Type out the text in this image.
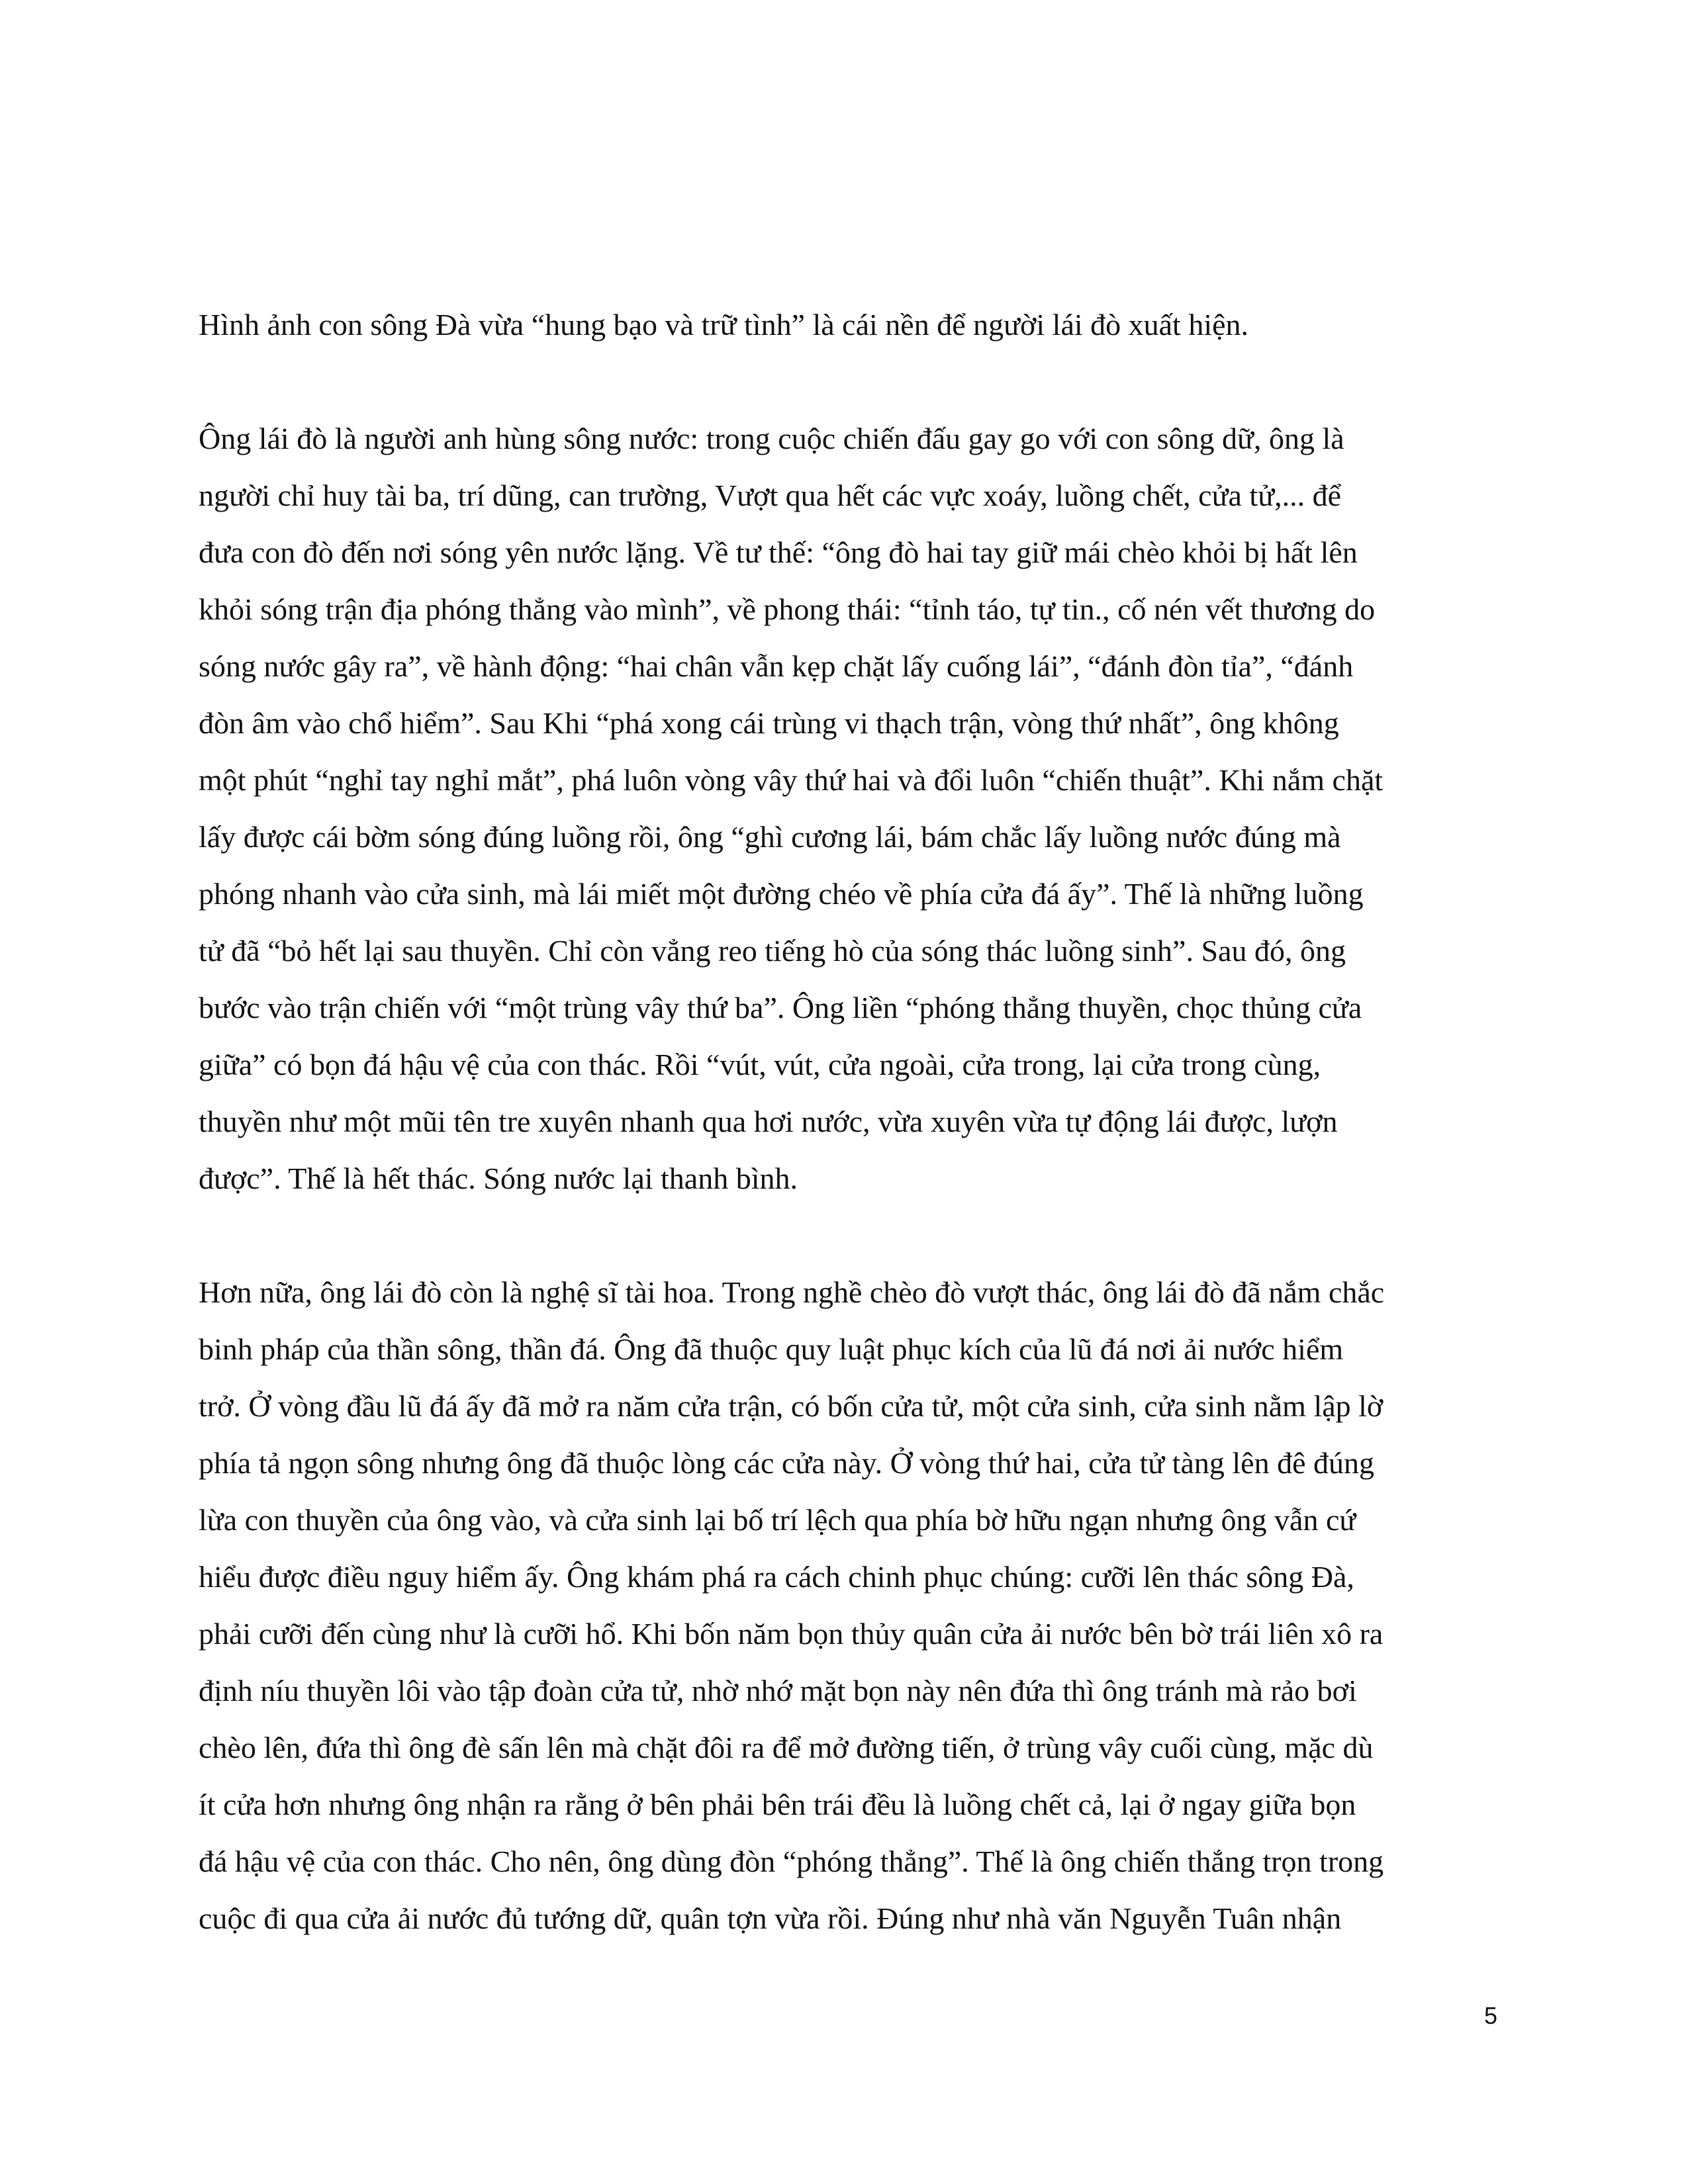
Hình ảnh con sông Đà vừa “hung bạo và trữ tình” là cái nền để người lái đò xuất hiện.
Ông lái đò là người anh hùng sông nước: trong cuộc chiến đấu gay go với con sông dữ, ông là
người chỉ huy tài ba, trí dũng, can trường, Vượt qua hết các vực xoáy, luồng chết, cửa tử,... để
đưa con đò đến nơi sóng yên nước lặng. Về tư thế: “ông đò hai tay giữ mái chèo khỏi bị hất lên
khỏi sóng trận địa phóng thẳng vào mình”, về phong thái: “tỉnh táo, tự tin., cố nén vết thương do
sóng nước gây ra”, về hành động: “hai chân vẫn kẹp chặt lấy cuống lái”, “đánh đòn tỉa”, “đánh
đòn âm vào chổ hiểm”. Sau Khi “phá xong cái trùng vi thạch trận, vòng thứ nhất”, ông không
một phút “nghỉ tay nghỉ mắt”, phá luôn vòng vây thứ hai và đổi luôn “chiến thuật”. Khi nắm chặt
lấy được cái bờm sóng đúng luồng rồi, ông “ghì cương lái, bám chắc lấy luồng nước đúng mà
phóng nhanh vào cửa sinh, mà lái miết một đường chéo về phía cửa đá ấy”. Thế là những luồng
tử đã “bỏ hết lại sau thuyền. Chỉ còn vẳng reo tiếng hò của sóng thác luồng sinh”. Sau đó, ông
bước vào trận chiến với “một trùng vây thứ ba”. Ông liền “phóng thẳng thuyền, chọc thủng cửa
giữa” có bọn đá hậu vệ của con thác. Rồi “vút, vút, cửa ngoài, cửa trong, lại cửa trong cùng,
thuyền như một mũi tên tre xuyên nhanh qua hơi nước, vừa xuyên vừa tự động lái được, lượn
được”. Thế là hết thác. Sóng nước lại thanh bình.
Hơn nữa, ông lái đò còn là nghệ sĩ tài hoa. Trong nghề chèo đò vượt thác, ông lái đò đã nắm chắc
binh pháp của thần sông, thần đá. Ông đã thuộc quy luật phục kích của lũ đá nơi ải nước hiểm
trở. Ở vòng đầu lũ đá ấy đã mở ra năm cửa trận, có bốn cửa tử, một cửa sinh, cửa sinh nằm lập lờ
phía tả ngọn sông nhưng ông đã thuộc lòng các cửa này. Ở vòng thứ hai, cửa tử tàng lên đê đúng
lừa con thuyền của ông vào, và cửa sinh lại bố trí lệch qua phía bờ hữu ngạn nhưng ông vẫn cứ
hiểu được điều nguy hiểm ấy. Ông khám phá ra cách chinh phục chúng: cưỡi lên thác sông Đà,
phải cưỡi đến cùng như là cưỡi hổ. Khi bốn năm bọn thủy quân cửa ải nước bên bờ trái liên xô ra
định níu thuyền lôi vào tập đoàn cửa tử, nhờ nhớ mặt bọn này nên đứa thì ông tránh mà rảo bơi
chèo lên, đứa thì ông đè sấn lên mà chặt đôi ra để mở đường tiến, ở trùng vây cuối cùng, mặc dù
ít cửa hơn nhưng ông nhận ra rằng ở bên phải bên trái đều là luồng chết cả, lại ở ngay giữa bọn
đá hậu vệ của con thác. Cho nên, ông dùng đòn “phóng thẳng”. Thế là ông chiến thắng trọn trong
cuộc đi qua cửa ải nước đủ tướng dữ, quân tợn vừa rồi. Đúng như nhà văn Nguyễn Tuân nhận
5
